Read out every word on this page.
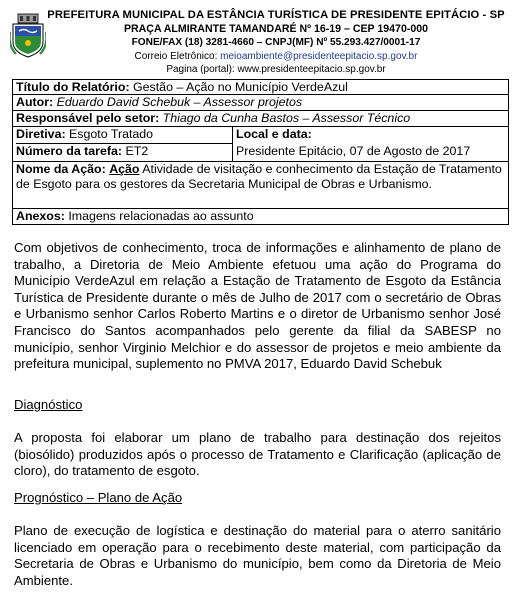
PREFEITURA MUNICIPAL DA ESTÂNCIA TURÍSTICA DE PRESIDENTE EPITÁCIO - SP
PRAÇA ALMIRANTE TAMANDARÉ Nº 16-19 – CEP 19470-000
FONE/FAX (18) 3281-4660 – CNPJ(MF) Nº 55.293.427/0001-17
Correio Eletrônico: meioambiente@presidenteepitacio.sp.gov.br
Pagina (portal): www.presidenteepitacio.sp.gov.br
Título do Relatório: Gestão – Ação no Município VerdeAzul
Autor: Eduardo David Schebuk – Assessor projetos
Responsável pelo setor: Thiago da Cunha Bastos – Assessor Técnico
Diretiva: Esgoto Tratado
Número da tarefa: ET2
Local e data:
Presidente Epitácio, 07 de Agosto de 2017
Nome da Ação: Ação Atividade de visitação e conhecimento da Estação de Tratamento de Esgoto para os gestores da Secretaria Municipal de Obras e Urbanismo.
Anexos: Imagens relacionadas ao assunto
Com objetivos de conhecimento, troca de informações e alinhamento de plano de trabalho, a Diretoria de Meio Ambiente efetuou uma ação do Programa do Município VerdeAzul em relação a Estação de Tratamento de Esgoto da Estância Turística de Presidente durante o mês de Julho de 2017 com o secretário de Obras e Urbanismo senhor Carlos Roberto Martins e o diretor de Urbanismo senhor José Francisco do Santos acompanhados pelo gerente da filial da SABESP no município, senhor Virginio Melchior e do assessor de projetos e meio ambiente da prefeitura municipal, suplemento no PMVA 2017, Eduardo David Schebuk
Diagnóstico
A proposta foi elaborar um plano de trabalho para destinação dos rejeitos (biosólido) produzidos após o processo de Tratamento e Clarificação (aplicação de cloro), do tratamento de esgoto.
Prognóstico – Plano de Ação
Plano de execução de logística e destinação do material para o aterro sanitário licenciado em operação para o recebimento deste material, com participação da Secretaria de Obras e Urbanismo do município, bem como da Diretoria de Meio Ambiente.
